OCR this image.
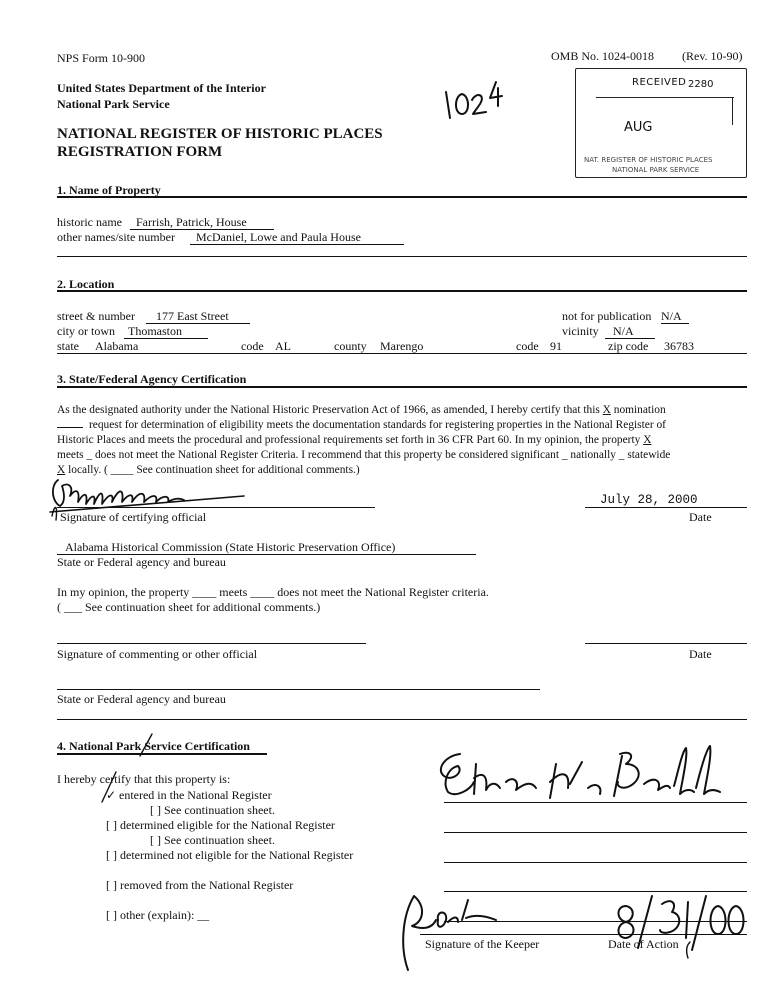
NPS Form 10-900	OMB No. 1024-0018 (Rev. 10-90)
United States Department of the Interior
National Park Service
NATIONAL REGISTER OF HISTORIC PLACES
REGISTRATION FORM
RECEIVED 2280
AUG
NAT. REGISTER OF HISTORIC PLACES
NATIONAL PARK SERVICE
1. Name of Property
historic name	Farrish, Patrick, House
other names/site number	McDaniel, Lowe and Paula House
2. Location
street & number	177 East Street	not for publication N/A
city or town	Thomaston	vicinity	N/A
state Alabama	code AL	county Marengo	code 91	zip code 36783
3. State/Federal Agency Certification
As the designated authority under the National Historic Preservation Act of 1966, as amended, I hereby certify that this X nomination
request for determination of eligibility meets the documentation standards for registering properties in the National Register of
Historic Places and meets the procedural and professional requirements set forth in 36 CFR Part 60. In my opinion, the property X
meets _ does not meet the National Register Criteria. I recommend that this property be considered significant _ nationally _ statewide
X locally. ( ____ See continuation sheet for additional comments.)
Signature of certifying official
July 28, 2000
Date
Alabama Historical Commission (State Historic Preservation Office)
State or Federal agency and bureau
In my opinion, the property ____ meets ____ does not meet the National Register criteria.
( ___ See continuation sheet for additional comments.)
Signature of commenting or other official	Date
State or Federal agency and bureau
4. National Park Service Certification
I hereby certify that this property is:
✓ entered in the National Register
[ ] See continuation sheet.
[ ] determined eligible for the National Register
[ ] See continuation sheet.
[ ] determined not eligible for the National Register
[ ] removed from the National Register
[ ] other (explain): __
Signature of the Keeper	Date of Action
